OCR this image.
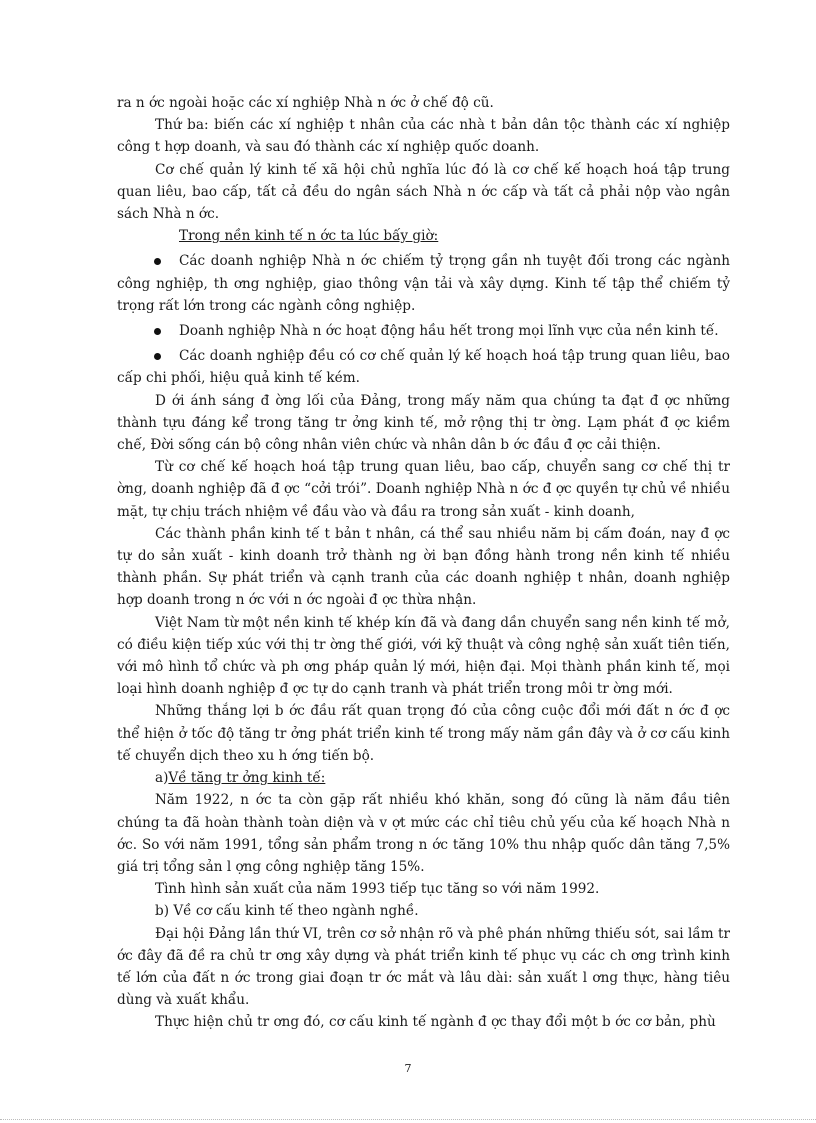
ra n ớc ngoài hoặc các xí nghiệp Nhà n ớc ở chế độ cũ.

Thứ ba: biến các xí nghiệp t nhân của các nhà t bản dân tộc thành các xí nghiệp công t hợp doanh, và sau đó thành các xí nghiệp quốc doanh.

Cơ chế quản lý kinh tế xã hội chủ nghĩa lúc đó là cơ chế kế hoạch hoá tập trung quan liêu, bao cấp, tất cả đều do ngân sách Nhà n ớc cấp và tất cả phải nộp vào ngân sách Nhà n ớc.

Trong nền kinh tế n ớc ta lúc bấy giờ:

Các doanh nghiệp Nhà n ớc chiếm tỷ trọng gần nh tuyệt đối trong các ngành công nghiệp, th ơng nghiệp, giao thông vận tải và xây dựng. Kinh tế tập thể chiếm tỷ trọng rất lớn trong các ngành công nghiệp.

Doanh nghiệp Nhà n ớc hoạt động hầu hết trong mọi lĩnh vực của nền kinh tế.

Các doanh nghiệp đều có cơ chế quản lý kế hoạch hoá tập trung quan liêu, bao cấp chi phối, hiệu quả kinh tế kém.

D ới ánh sáng đ ờng lối của Đảng, trong mấy năm qua chúng ta đạt đ ợc những thành tựu đáng kể trong tăng tr ởng kinh tế, mở rộng thị tr ờng. Lạm phát đ ợc kiềm chế, Đời sống cán bộ công nhân viên chức và nhân dân b ớc đầu đ ợc cải thiện.

Từ cơ chế kế hoạch hoá tập trung quan liêu, bao cấp, chuyển sang cơ chế thị tr ờng, doanh nghiệp đã đ ợc “cởi trói”. Doanh nghiệp Nhà n ớc đ ợc quyền tự chủ về nhiều mặt, tự chịu trách nhiệm về đầu vào và đầu ra trong sản xuất - kinh doanh,

Các thành phần kinh tế t bản t nhân, cá thể sau nhiều năm bị cấm đoán, nay đ ợc tự do sản xuất - kinh doanh trở thành ng ời bạn đồng hành trong nền kinh tế nhiều thành phần. Sự phát triển và cạnh tranh của các doanh nghiệp t nhân, doanh nghiệp hợp doanh trong n ớc với n ớc ngoài đ ợc thừa nhận.

Việt Nam từ một nền kinh tế khép kín đã và đang dần chuyển sang nền kinh tế mở, có điều kiện tiếp xúc với thị tr ờng thế giới, với kỹ thuật và công nghệ sản xuất tiên tiến, với mô hình tổ chức và ph ơng pháp quản lý mới, hiện đại. Mọi thành phần kinh tế, mọi loại hình doanh nghiệp đ ợc tự do cạnh tranh và phát triển trong môi tr ờng mới.

Những thắng lợi b ớc đầu rất quan trọng đó của công cuộc đổi mới đất n ớc đ ợc thể hiện ở tốc độ tăng tr ởng phát triển kinh tế trong mấy năm gần đây và ở cơ cấu kinh tế chuyển dịch theo xu h ớng tiến bộ.

a)Về tăng tr ởng kinh tế:

Năm 1922, n ớc ta còn gặp rất nhiều khó khăn, song đó cũng là năm đầu tiên chúng ta đã hoàn thành toàn diện và v ợt mức các chỉ tiêu chủ yếu của kế hoạch Nhà n ớc. So với năm 1991, tổng sản phẩm trong n ớc tăng 10% thu nhập quốc dân tăng 7,5% giá trị tổng sản l ợng công nghiệp tăng 15%.

Tình hình sản xuất của năm 1993 tiếp tục tăng so với năm 1992.

b) Về cơ cấu kinh tế theo ngành nghề.

Đại hội Đảng lần thứ VI, trên cơ sở nhận rõ và phê phán những thiếu sót, sai lầm tr ớc đây đã đề ra chủ tr ơng xây dựng và phát triển kinh tế phục vụ các ch ơng trình kinh tế lớn của đất n ớc trong giai đoạn tr ớc mắt và lâu dài: sản xuất l ơng thực, hàng tiêu dùng và xuất khẩu.

Thực hiện chủ tr ơng đó, cơ cấu kinh tế ngành đ ợc thay đổi một b ớc cơ bản, phù

7
